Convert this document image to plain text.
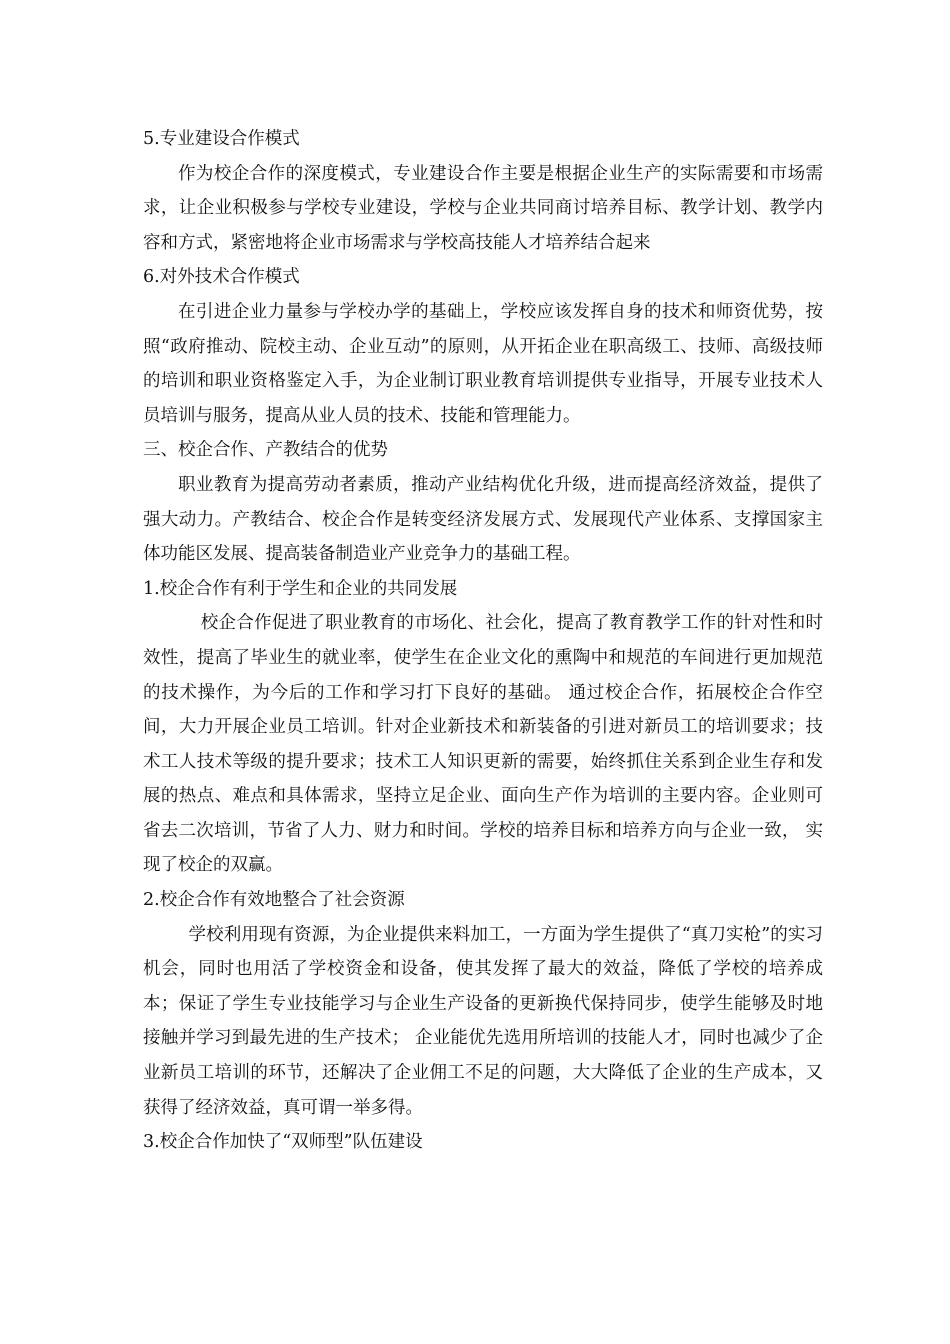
5.专业建设合作模式

作为校企合作的深度模式，专业建设合作主要是根据企业生产的实际需要和市场需求，让企业积极参与学校专业建设，学校与企业共同商讨培养目标、教学计划、教学内容和方式，紧密地将企业市场需求与学校高技能人才培养结合起来

6.对外技术合作模式

在引进企业力量参与学校办学的基础上，学校应该发挥自身的技术和师资优势，按照“政府推动、院校主动、企业互动”的原则，从开拓企业在职高级工、技师、高级技师的培训和职业资格鉴定入手，为企业制订职业教育培训提供专业指导，开展专业技术人员培训与服务，提高从业人员的技术、技能和管理能力。

三、校企合作、产教结合的优势

职业教育为提高劳动者素质，推动产业结构优化升级，进而提高经济效益，提供了强大动力。产教结合、校企合作是转变经济发展方式、发展现代产业体系、支撑国家主体功能区发展、提高装备制造业产业竞争力的基础工程。

1.校企合作有利于学生和企业的共同发展

校企合作促进了职业教育的市场化、社会化，提高了教育教学工作的针对性和时效性，提高了毕业生的就业率，使学生在企业文化的熏陶中和规范的车间进行更加规范的技术操作，为今后的工作和学习打下良好的基础。 通过校企合作，拓展校企合作空间，大力开展企业员工培训。针对企业新技术和新装备的引进对新员工的培训要求；技术工人技术等级的提升要求；技术工人知识更新的需要，始终抓住关系到企业生存和发展的热点、难点和具体需求，坚持立足企业、面向生产作为培训的主要内容。企业则可省去二次培训，节省了人力、财力和时间。学校的培养目标和培养方向与企业一致， 实现了校企的双赢。

2.校企合作有效地整合了社会资源

学校利用现有资源，为企业提供来料加工，一方面为学生提供了“真刀实枪”的实习机会，同时也用活了学校资金和设备，使其发挥了最大的效益，降低了学校的培养成本；保证了学生专业技能学习与企业生产设备的更新换代保持同步，使学生能够及时地接触并学习到最先进的生产技术； 企业能优先选用所培训的技能人才，同时也减少了企业新员工培训的环节，还解决了企业佣工不足的问题，大大降低了企业的生产成本，又获得了经济效益，真可谓一举多得。

3.校企合作加快了“双师型”队伍建设
